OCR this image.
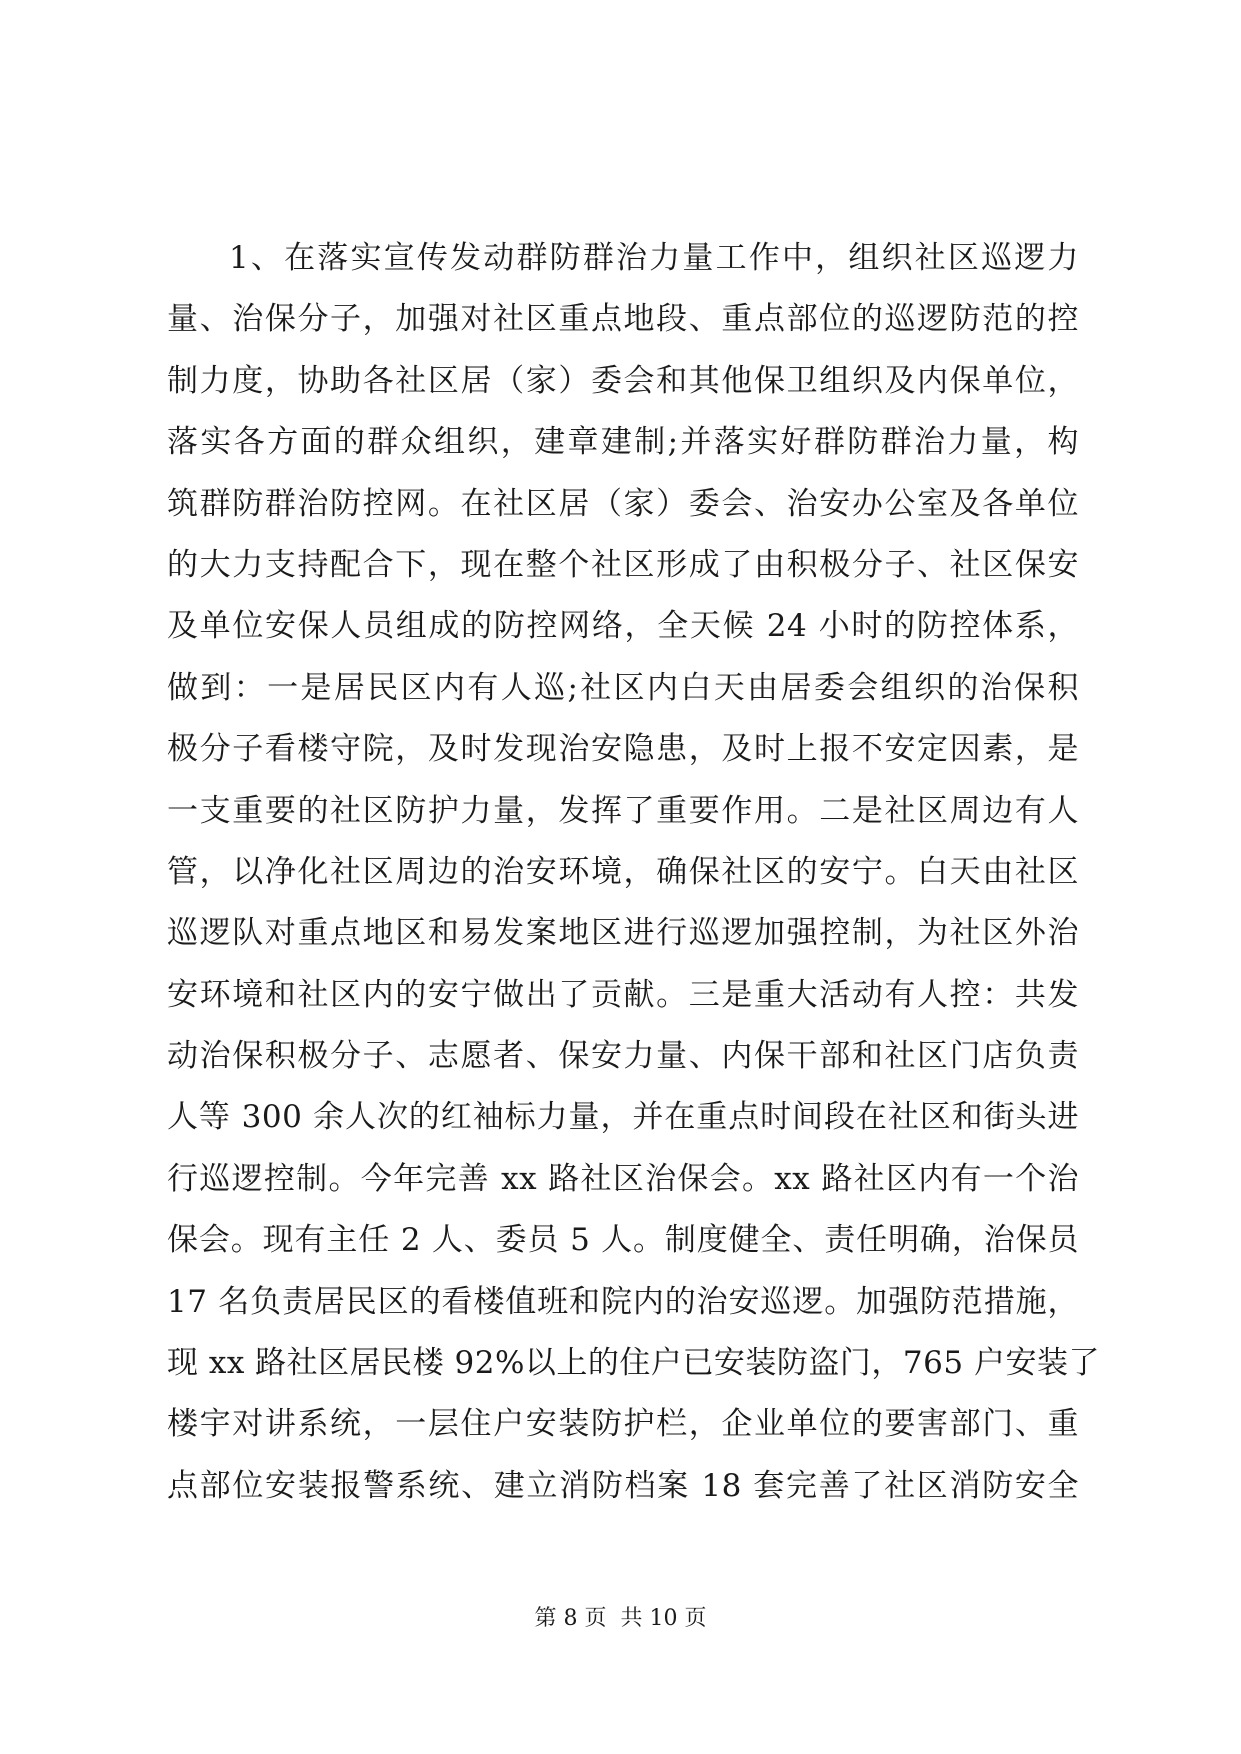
1、在落实宣传发动群防群治力量工作中，组织社区巡逻力
量、治保分子，加强对社区重点地段、重点部位的巡逻防范的控
制力度，协助各社区居（家）委会和其他保卫组织及内保单位，
落实各方面的群众组织，建章建制;并落实好群防群治力量，构
筑群防群治防控网。在社区居（家）委会、治安办公室及各单位
的大力支持配合下，现在整个社区形成了由积极分子、社区保安
及单位安保人员组成的防控网络，全天候 24 小时的防控体系，
做到：一是居民区内有人巡;社区内白天由居委会组织的治保积
极分子看楼守院，及时发现治安隐患，及时上报不安定因素，是
一支重要的社区防护力量，发挥了重要作用。二是社区周边有人
管，以净化社区周边的治安环境，确保社区的安宁。白天由社区
巡逻队对重点地区和易发案地区进行巡逻加强控制，为社区外治
安环境和社区内的安宁做出了贡献。三是重大活动有人控：共发
动治保积极分子、志愿者、保安力量、内保干部和社区门店负责
人等 300 余人次的红袖标力量，并在重点时间段在社区和街头进
行巡逻控制。今年完善 xx 路社区治保会。xx 路社区内有一个治
保会。现有主任 2 人、委员 5 人。制度健全、责任明确，治保员
17 名负责居民区的看楼值班和院内的治安巡逻。加强防范措施，
现 xx 路社区居民楼 92%以上的住户已安装防盗门，765 户安装了
楼宇对讲系统，一层住户安装防护栏，企业单位的要害部门、重
点部位安装报警系统、建立消防档案 18 套完善了社区消防安全
第 8 页  共 10 页
